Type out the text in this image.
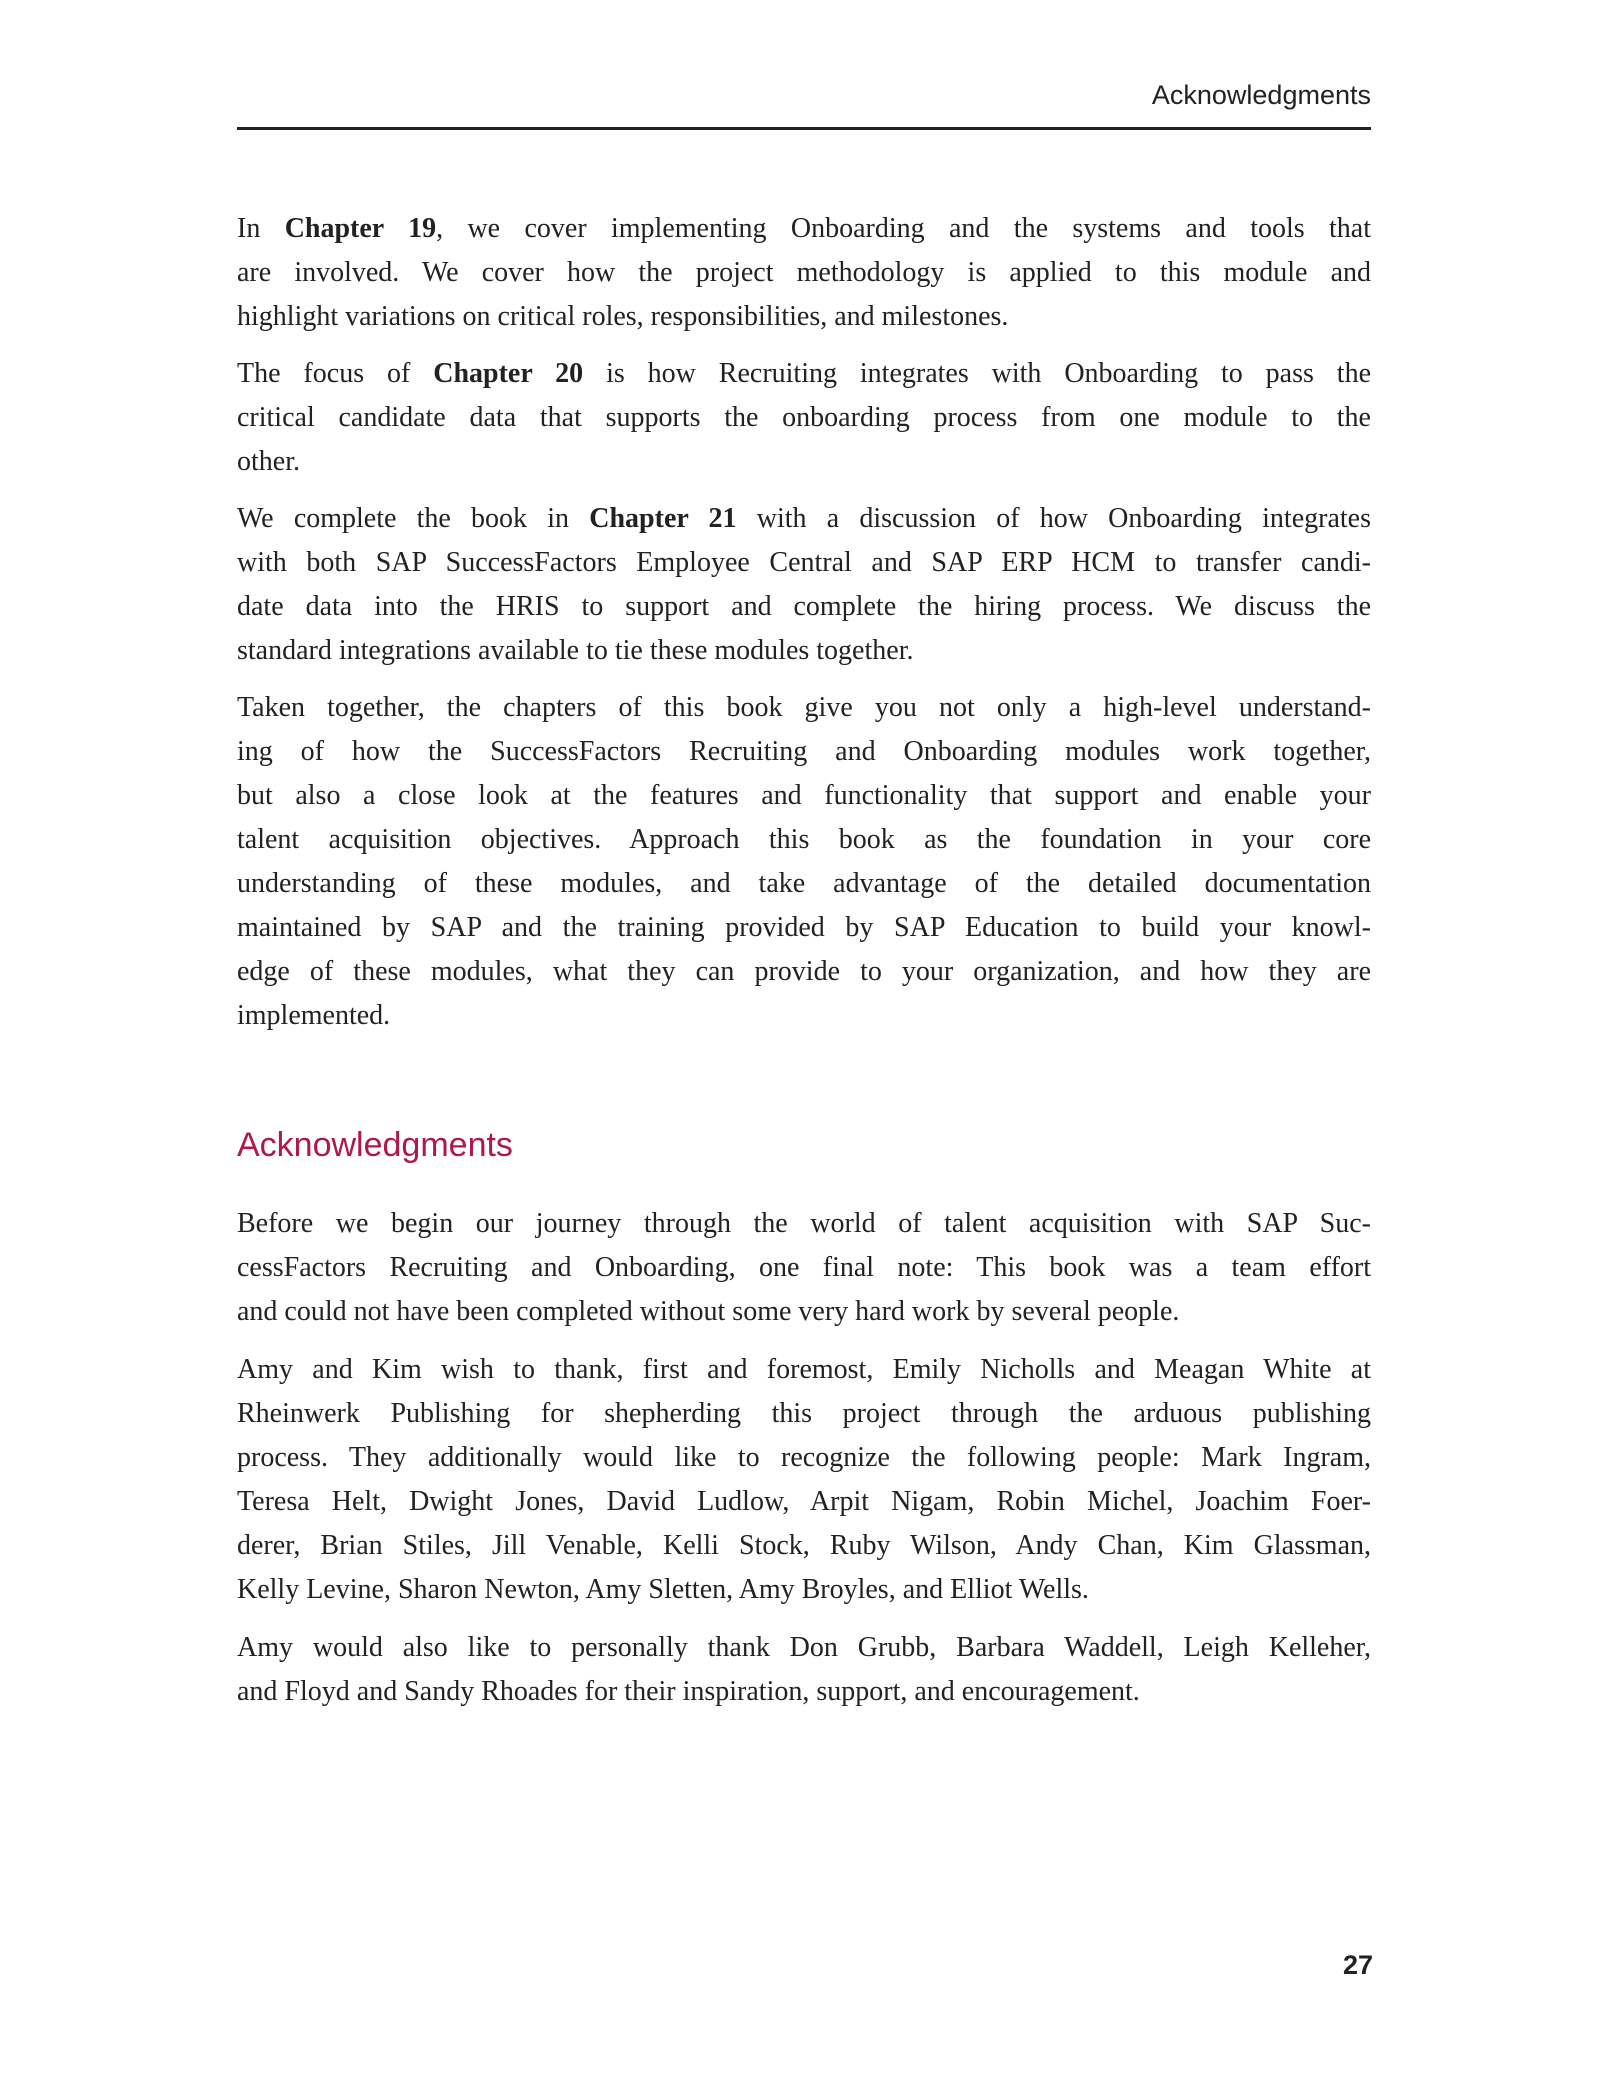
Acknowledgments
In Chapter 19, we cover implementing Onboarding and the systems and tools that
are involved. We cover how the project methodology is applied to this module and
highlight variations on critical roles, responsibilities, and milestones.
The focus of Chapter 20 is how Recruiting integrates with Onboarding to pass the
critical candidate data that supports the onboarding process from one module to the
other.
We complete the book in Chapter 21 with a discussion of how Onboarding integrates
with both SAP SuccessFactors Employee Central and SAP ERP HCM to transfer candi-
date data into the HRIS to support and complete the hiring process. We discuss the
standard integrations available to tie these modules together.
Taken together, the chapters of this book give you not only a high-level understand-
ing of how the SuccessFactors Recruiting and Onboarding modules work together,
but also a close look at the features and functionality that support and enable your
talent acquisition objectives. Approach this book as the foundation in your core
understanding of these modules, and take advantage of the detailed documentation
maintained by SAP and the training provided by SAP Education to build your knowl-
edge of these modules, what they can provide to your organization, and how they are
implemented.
Acknowledgments
Before we begin our journey through the world of talent acquisition with SAP Suc-
cessFactors Recruiting and Onboarding, one final note: This book was a team effort
and could not have been completed without some very hard work by several people.
Amy and Kim wish to thank, first and foremost, Emily Nicholls and Meagan White at
Rheinwerk Publishing for shepherding this project through the arduous publishing
process. They additionally would like to recognize the following people: Mark Ingram,
Teresa Helt, Dwight Jones, David Ludlow, Arpit Nigam, Robin Michel, Joachim Foer-
derer, Brian Stiles, Jill Venable, Kelli Stock, Ruby Wilson, Andy Chan, Kim Glassman,
Kelly Levine, Sharon Newton, Amy Sletten, Amy Broyles, and Elliot Wells.
Amy would also like to personally thank Don Grubb, Barbara Waddell, Leigh Kelleher,
and Floyd and Sandy Rhoades for their inspiration, support, and encouragement.
27
